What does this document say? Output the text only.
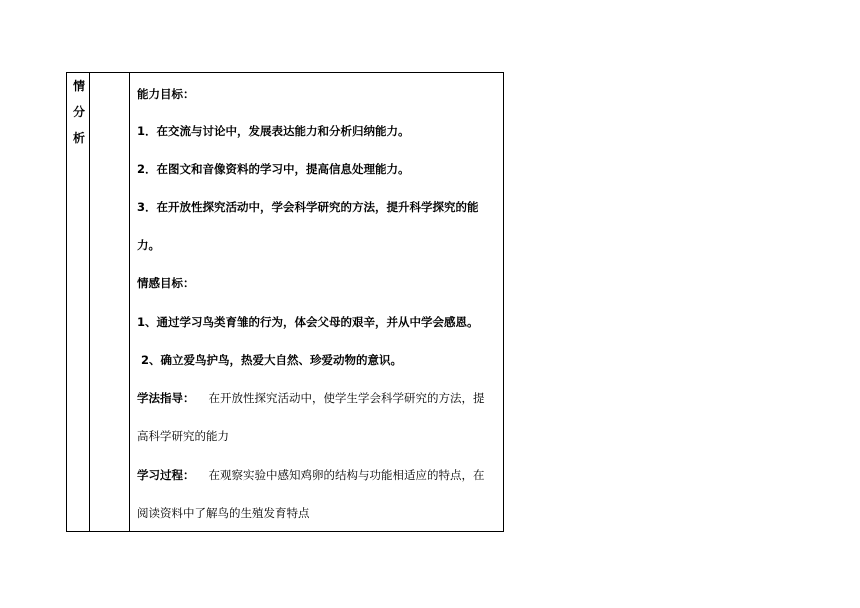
情
分
析
能力目标：
1．在交流与讨论中，发展表达能力和分析归纳能力。
2．在图文和音像资料的学习中，提高信息处理能力。
3．在开放性探究活动中，学会科学研究的方法，提升科学探究的能
力。
情感目标：
1、通过学习鸟类育雏的行为，体会父母的艰辛，并从中学会感恩。
2、确立爱鸟护鸟，热爱大自然、珍爱动物的意识。
学法指导： 在开放性探究活动中，使学生学会科学研究的方法，提
高科学研究的能力
学习过程： 在观察实验中感知鸡卵的结构与功能相适应的特点，在
阅读资料中了解鸟的生殖发育特点
